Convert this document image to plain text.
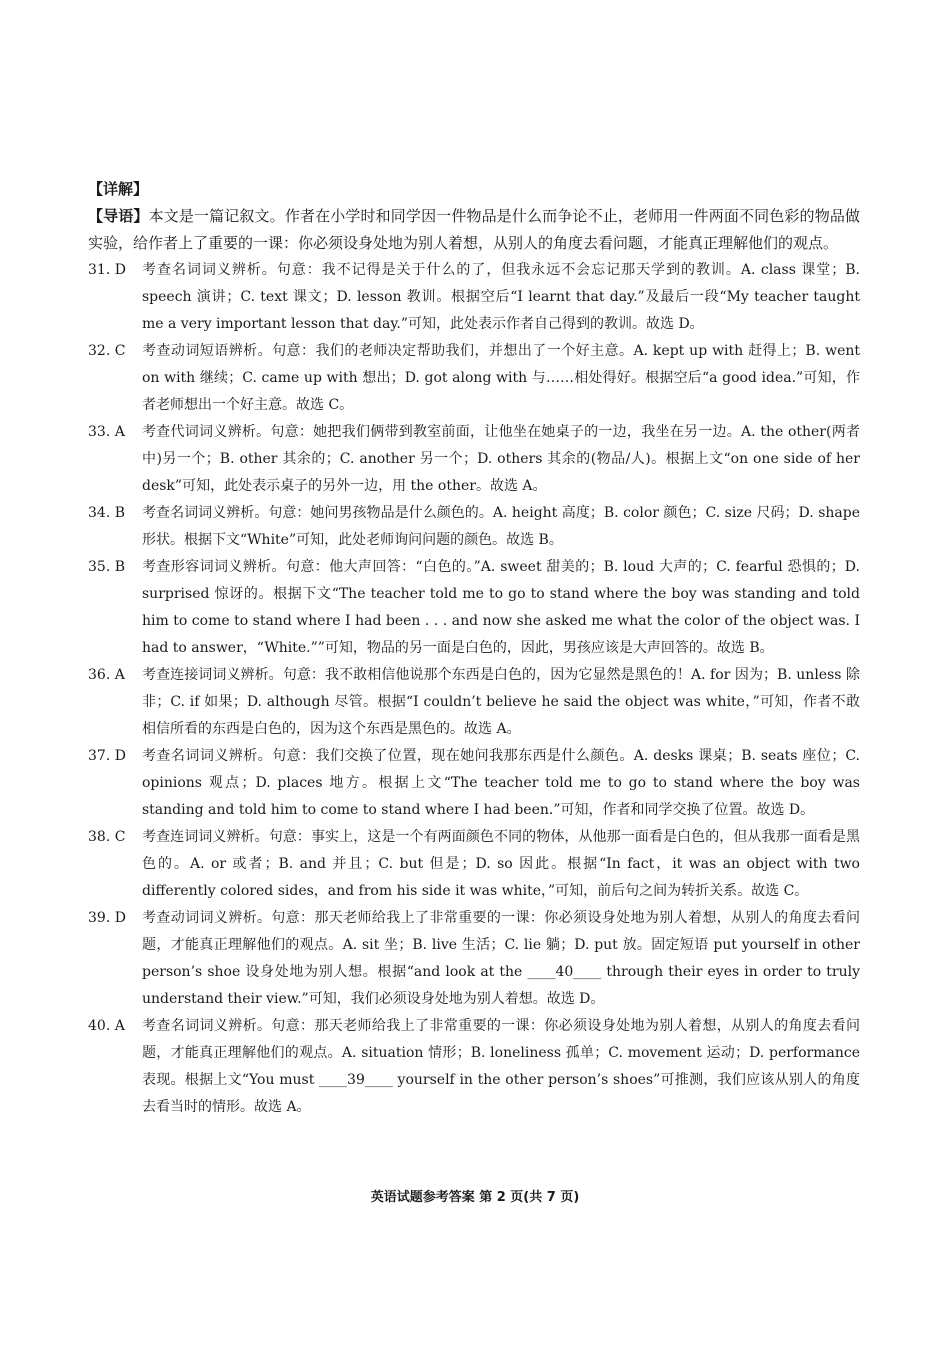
【详解】
【导语】本文是一篇记叙文。作者在小学时和同学因一件物品是什么而争论不止，老师用一件两面不同色彩的物品做实验，给作者上了重要的一课：你必须设身处地为别人着想，从别人的角度去看问题，才能真正理解他们的观点。
31. D	考查名词词义辨析。句意：我不记得是关于什么的了，但我永远不会忘记那天学到的教训。A. class 课堂；B. speech 演讲；C. text 课文；D. lesson 教训。根据空后“I learnt that day.”及最后一段“My teacher taught me a very important lesson that day.”可知，此处表示作者自己得到的教训。故选 D。
32. C	考查动词短语辨析。句意：我们的老师决定帮助我们，并想出了一个好主意。A. kept up with 赶得上；B. went on with 继续；C. came up with 想出；D. got along with 与……相处得好。根据空后“a good idea.”可知，作者老师想出一个好主意。故选 C。
33. A	考查代词词义辨析。句意：她把我们俩带到教室前面，让他坐在她桌子的一边，我坐在另一边。A. the other(两者中)另一个；B. other 其余的；C. another 另一个；D. others 其余的(物品/人)。根据上文“on one side of her desk”可知，此处表示桌子的另外一边，用 the other。故选 A。
34. B	考查名词词义辨析。句意：她问男孩物品是什么颜色的。A. height 高度；B. color 颜色；C. size 尺码；D. shape 形状。根据下文“White”可知，此处老师询问问题的颜色。故选 B。
35. B	考查形容词词义辨析。句意：他大声回答：“白色的。”A. sweet 甜美的；B. loud 大声的；C. fearful 恐惧的；D. surprised 惊讶的。根据下文“The teacher told me to go to stand where the boy was standing and told him to come to stand where I had been . . . and now she asked me what the color of the object was. I had to answer，“White.””可知，物品的另一面是白色的，因此，男孩应该是大声回答的。故选 B。
36. A	考查连接词词义辨析。句意：我不敢相信他说那个东西是白色的，因为它显然是黑色的！A. for 因为；B. unless 除非；C. if 如果；D. although 尽管。根据“I couldn’t believe he said the object was white，”可知，作者不敢相信所看的东西是白色的，因为这个东西是黑色的。故选 A。
37. D	考查名词词义辨析。句意：我们交换了位置，现在她问我那东西是什么颜色。A. desks 课桌；B. seats 座位；C. opinions 观点；D. places 地方。根据上文“The teacher told me to go to stand where the boy was standing and told him to come to stand where I had been.”可知，作者和同学交换了位置。故选 D。
38. C	考查连词词义辨析。句意：事实上，这是一个有两面颜色不同的物体，从他那一面看是白色的，但从我那一面看是黑色的。A. or 或者；B. and 并且；C. but 但是；D. so 因此。根据“In fact，it was an object with two differently colored sides，and from his side it was white，”可知，前后句之间为转折关系。故选 C。
39. D	考查动词词义辨析。句意：那天老师给我上了非常重要的一课：你必须设身处地为别人着想，从别人的角度去看问题，才能真正理解他们的观点。A. sit 坐；B. live 生活；C. lie 躺；D. put 放。固定短语 put yourself in other person’s shoe 设身处地为别人想。根据“and look at the ____40____ through their eyes in order to truly understand their view.”可知，我们必须设身处地为别人着想。故选 D。
40. A	考查名词词义辨析。句意：那天老师给我上了非常重要的一课：你必须设身处地为别人着想，从别人的角度去看问题，才能真正理解他们的观点。A. situation 情形；B. loneliness 孤单；C. movement 运动；D. performance 表现。根据上文“You must ____39____ yourself in the other person’s shoes”可推测，我们应该从别人的角度去看当时的情形。故选 A。
英语试题参考答案 第 2 页(共 7 页)
